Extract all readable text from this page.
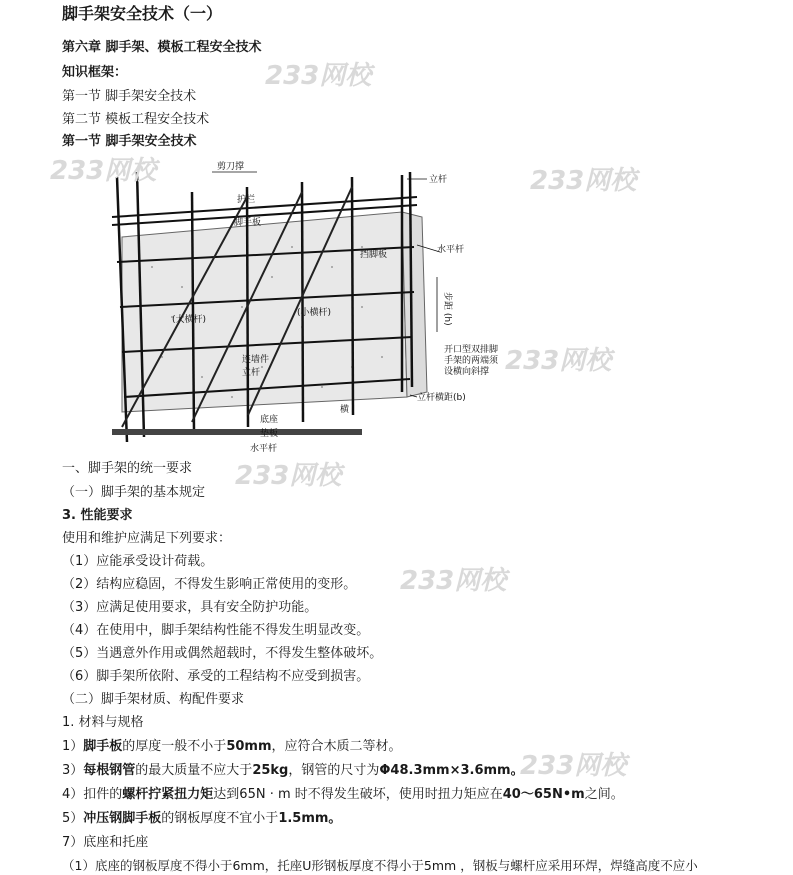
脚手架安全技术（一）
第六章 脚手架、模板工程安全技术
知识框架：
第一节 脚手架安全技术
第二节 模板工程安全技术
第一节 脚手架安全技术
剪刀撑
立杆
护栏
脚手板
挡脚板	水平杆
步距 (h)
(大横杆)
(小横杆)
连墙件
立杆
开口型双排脚
手架的两端须
设横向斜撑
底座
垫板
横
立杆横距(b)
水平杆
一、脚手架的统一要求
（一）脚手架的基本规定
3. 性能要求
使用和维护应满足下列要求：
（1）应能承受设计荷载。
（2）结构应稳固，不得发生影响正常使用的变形。
（3）应满足使用要求，具有安全防护功能。
（4）在使用中，脚手架结构性能不得发生明显改变。
（5）当遇意外作用或偶然超载时，不得发生整体破坏。
（6）脚手架所依附、承受的工程结构不应受到损害。
（二）脚手架材质、构配件要求
1. 材料与规格
1）脚手板的厚度一般不小于50mm，应符合木质二等材。
3）每根钢管的最大质量不应大于25kg，钢管的尺寸为Φ48.3mm×3.6mm。
4）扣件的螺杆拧紧扭力矩达到65N · m 时不得发生破坏，使用时扭力矩应在40～65N•m之间。
5）冲压钢脚手板的钢板厚度不宜小于1.5mm。
7）底座和托座
（1）底座的钢板厚度不得小于6mm，托座U形钢板厚度不得小于5mm ，钢板与螺杆应采用环焊，焊缝高度不应小
233网校
233网校
233网校
233网校
233网校
233网校
233网校
